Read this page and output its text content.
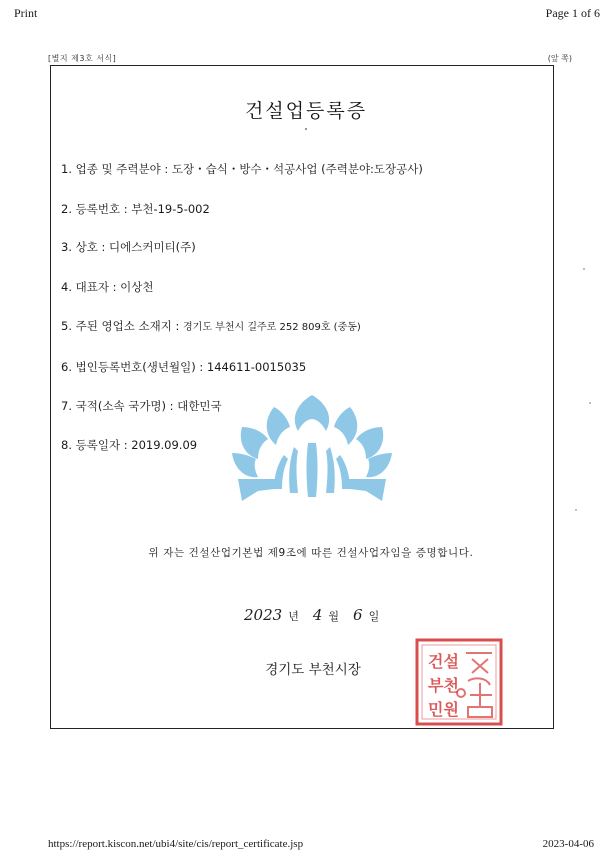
Print	Page 1 of 6
[별지 제3호 서식]	(앞 쪽)
건설업등록증
1. 업종 및 주력분야 : 도장・습식・방수・석공사업 (주력분야:도장공사)
2. 등록번호 : 부천-19-5-002
3. 상호 : 디에스커미티(주)
4. 대표자 : 이상천
5. 주된 영업소 소재지 : 경기도 부천시 길주로 252 809호 (중동)
6. 법인등록번호(생년월일) : 144611-0015035
7. 국적(소속 국가명) : 대한민국
8. 등록일자 : 2019.09.09
위 자는 건설산업기본법 제9조에 따른 건설사업자임을 증명합니다.
2023 년 4 월 6 일
경기도 부천시장	건설
부천
민원
https://report.kiscon.net/ubi4/site/cis/report_certificate.jsp	2023-04-06
